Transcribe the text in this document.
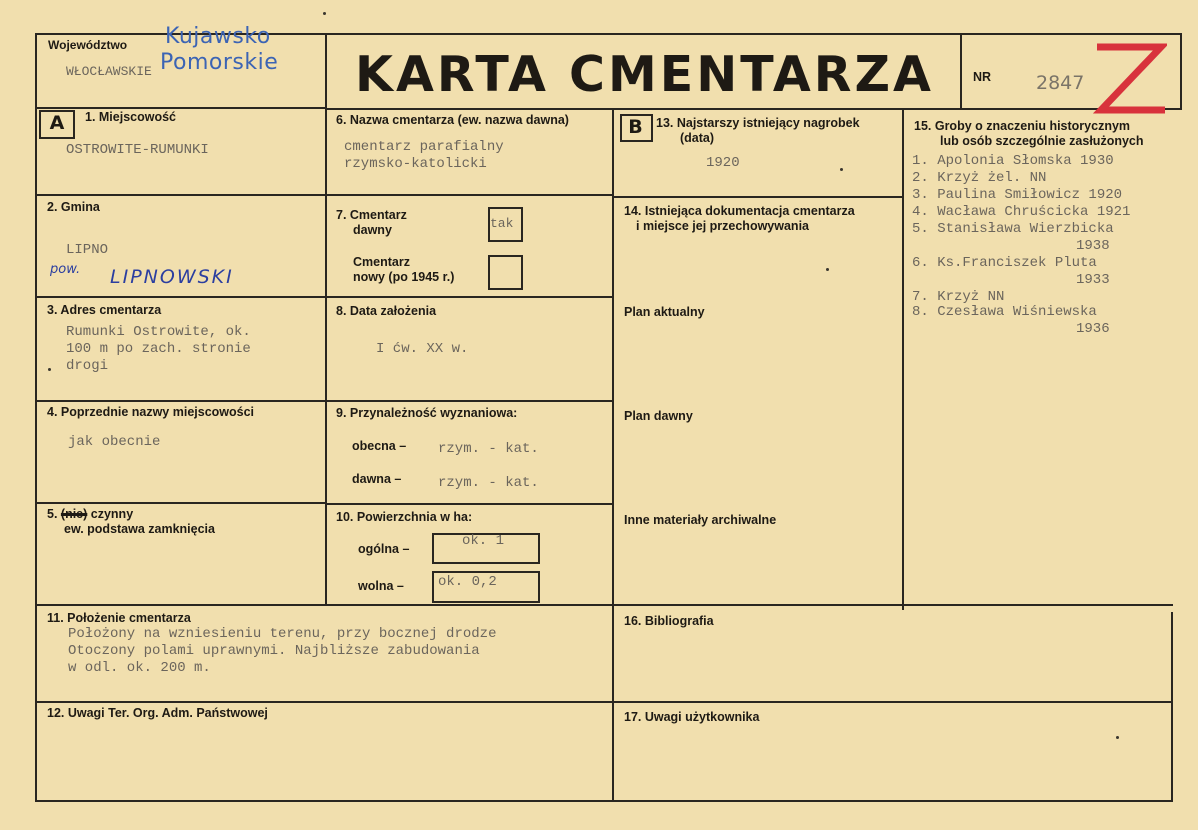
Województwo
WŁOCŁAWSKIE
Kujawsko
Pomorskie KARTA CMENTARZA	NR 2847
A	B
1. Miejscowość
OSTROWITE-RUMUNKI
2. Gmina
LIPNO
pow. LIPNOWSKI
3. Adres cmentarza
Rumunki Ostrowite, ok.
100 m po zach. stronie
drogi
4. Poprzednie nazwy miejscowości
jak obecnie
5. (nie) czynny
ew. podstawa zamknięcia
6. Nazwa cmentarza (ew. nazwa dawna)
cmentarz parafialny
rzymsko-katolicki
7. Cmentarz
dawny	tak
Cmentarz
nowy (po 1945 r.)
8. Data założenia
I ćw. XX w.
9. Przynależność wyznaniowa:
obecna – rzym. - kat.
dawna –	rzym. - kat.
10. Powierzchnia w ha:
ogólna –	ok. 1
wolna – ok. 0,2
11. Położenie cmentarza
Położony na wzniesieniu terenu, przy bocznej drodze
Otoczony polami uprawnymi. Najbliższe zabudowania
w odl. ok. 200 m.
12. Uwagi Ter. Org. Adm. Państwowej
13. Najstarszy istniejący nagrobek
(data)
1920
14. Istniejąca dokumentacja cmentarza
i miejsce jej przechowywania
Plan aktualny
Plan dawny
Inne materiały archiwalne
15. Groby o znaczeniu historycznym
lub osób szczególnie zasłużonych
1. Apolonia Słomska 1930
2. Krzyż żel. NN
3. Paulina Smiłowicz 1920
4. Wacława Chruścicka 1921
5. Stanisława Wierzbicka
1938
6. Ks.Franciszek Pluta
1933
7. Krzyż NN
8. Czesława Wiśniewska
1936
16. Bibliografia
17. Uwagi użytkownika
